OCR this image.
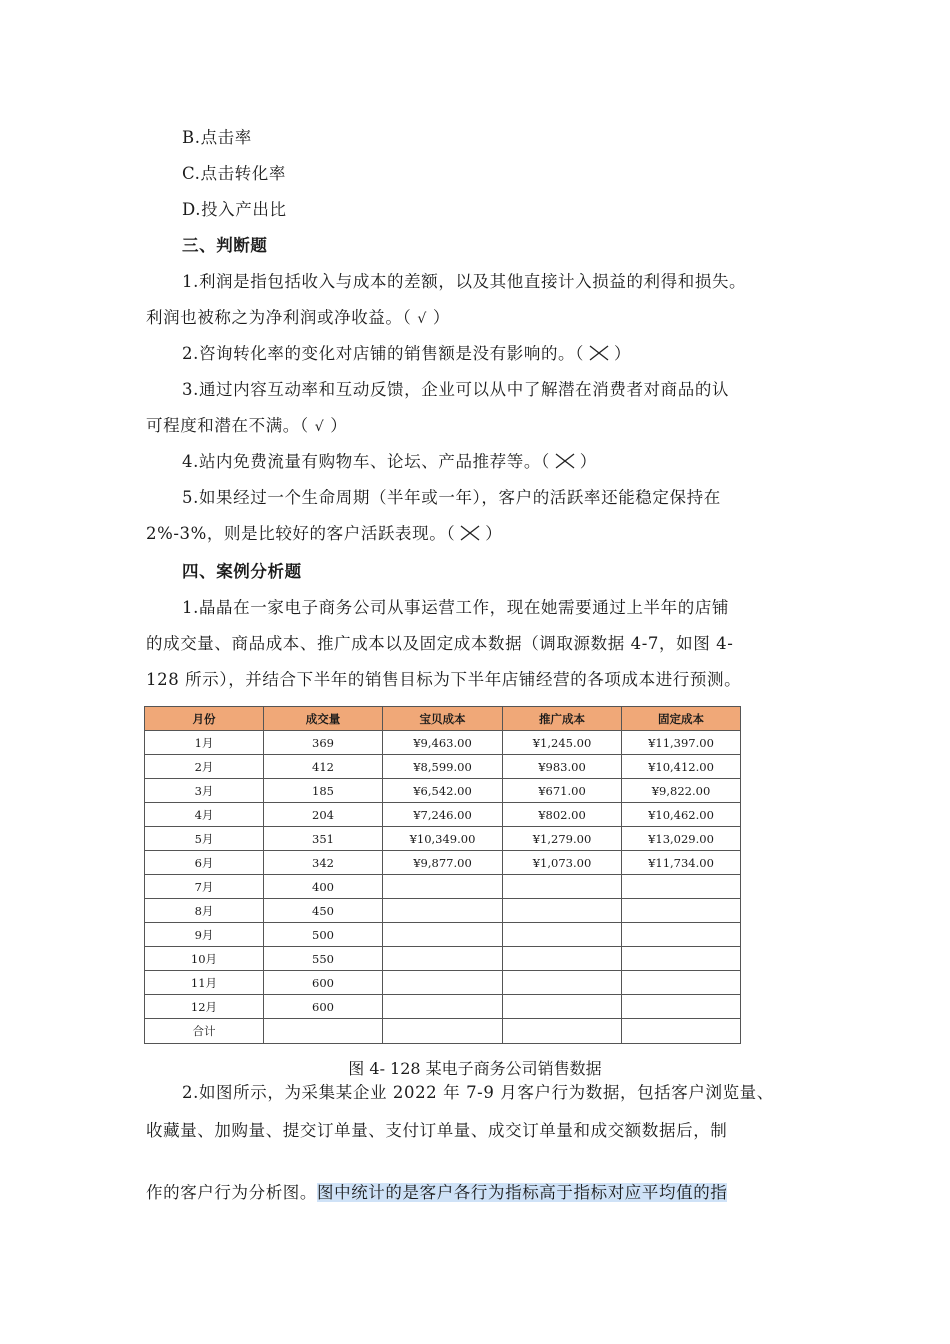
B.点击率
C.点击转化率
D.投入产出比
三、判断题
1.利润是指包括收入与成本的差额，以及其他直接计入损益的利得和损失。
利润也被称之为净利润或净收益。（ √ ）
2.咨询转化率的变化对店铺的销售额是没有影响的。（ ）
3.通过内容互动率和互动反馈，企业可以从中了解潜在消费者对商品的认
可程度和潜在不满。（ √ ）
4.站内免费流量有购物车、论坛、产品推荐等。（ ）
5.如果经过一个生命周期（半年或一年），客户的活跃率还能稳定保持在
2%-3%，则是比较好的客户活跃表现。（ ）
四、案例分析题
1.晶晶在一家电子商务公司从事运营工作，现在她需要通过上半年的店铺
的成交量、商品成本、推广成本以及固定成本数据（调取源数据 4-7，如图 4-
128 所示），并结合下半年的销售目标为下半年店铺经营的各项成本进行预测。
月份	成交量	宝贝成本	推广成本	固定成本
1月	369	¥9,463.00	¥1,245.00	¥11,397.00
2月	412	¥8,599.00	¥983.00	¥10,412.00
3月	185	¥6,542.00	¥671.00	¥9,822.00
4月	204	¥7,246.00	¥802.00	¥10,462.00
5月	351	¥10,349.00	¥1,279.00	¥13,029.00
6月	342	¥9,877.00	¥1,073.00	¥11,734.00
7月	400			
8月	450			
9月	500			
10月	550			
11月	600			
12月	600			
合计				
图 4- 128 某电子商务公司销售数据
2.如图所示，为采集某企业 2022 年 7-9 月客户行为数据，包括客户浏览量、
收藏量、加购量、提交订单量、支付订单量、成交订单量和成交额数据后，制
作的客户行为分析图。图中统计的是客户各行为指标高于指标对应平均值的指
